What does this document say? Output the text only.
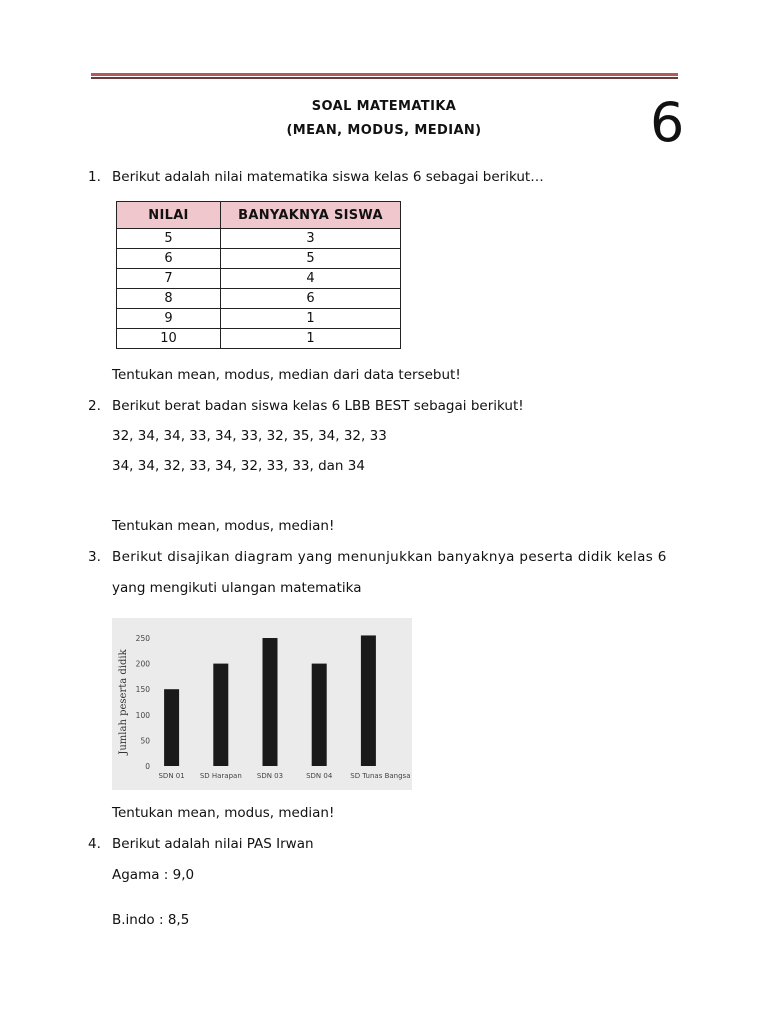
SOAL MATEMATIKA
(MEAN, MODUS, MEDIAN)	6
1. Berikut adalah nilai matematika siswa kelas 6 sebagai berikut…
NILAI	BANYAKNYA SISWA
5	3
6	5
7	4
8	6
9	1
10	1
Tentukan mean, modus, median dari data tersebut!
2. Berikut berat badan siswa kelas 6 LBB BEST sebagai berikut!
32, 34, 34, 33, 34, 33, 32, 35, 34, 32, 33
34, 34, 32, 33, 34, 32, 33, 33, dan 34
Tentukan mean, modus, median!
3. Berikut disajikan diagram yang menunjukkan banyaknya peserta didik kelas 6
yang mengikuti ulangan matematika
Jumlah peserta didik
0
50
100
150
200
250
SDN 01 SD Harapan SDN 03	SDN 04	SD Tunas Bangsa
Tentukan mean, modus, median!
4. Berikut adalah nilai PAS Irwan
Agama : 9,0
B.indo : 8,5
